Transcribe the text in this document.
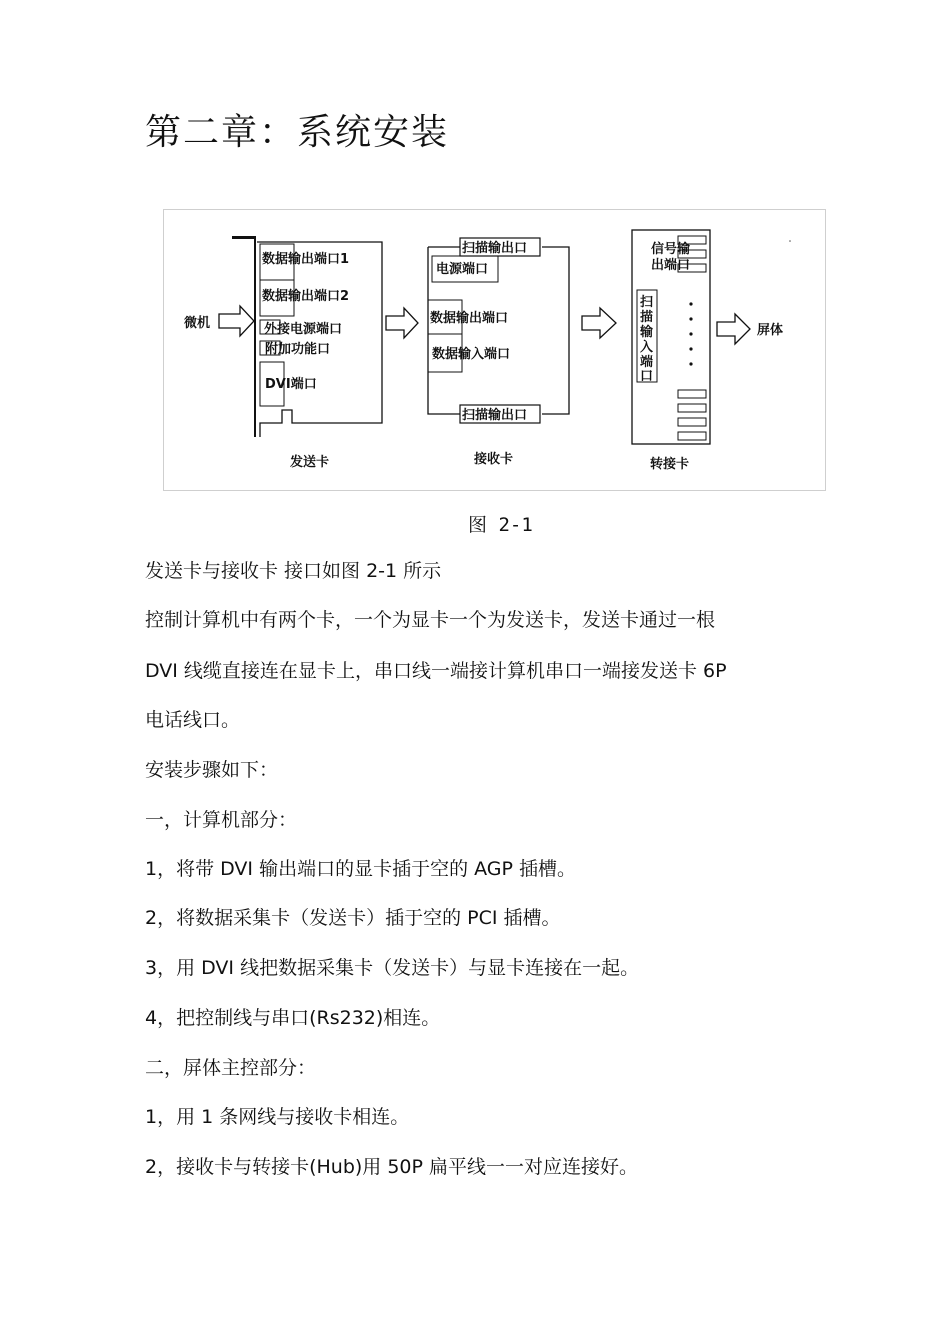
第二章：系统安装
微机
数据输出端口1
数据输出端口2
外接电源端口
附加功能口
DVI端口
发送卡
扫描输出口
电源端口
数据输出端口
数据输入端口
扫描输出口
接收卡
信号输
出端口
扫
描
输
入
端
口
转接卡
屏体
图 2-1
发送卡与接收卡 接口如图 2-1 所示
控制计算机中有两个卡，一个为显卡一个为发送卡，发送卡通过一根
DVI 线缆直接连在显卡上，串口线一端接计算机串口一端接发送卡 6P
电话线口。
安装步骤如下：
一，计算机部分：
1，将带 DVI 输出端口的显卡插于空的 AGP 插槽。
2，将数据采集卡（发送卡）插于空的 PCI 插槽。
3，用 DVI 线把数据采集卡（发送卡）与显卡连接在一起。
4，把控制线与串口(Rs232)相连。
二，屏体主控部分：
1，用 1 条网线与接收卡相连。
2，接收卡与转接卡(Hub)用 50P 扁平线一一对应连接好。
